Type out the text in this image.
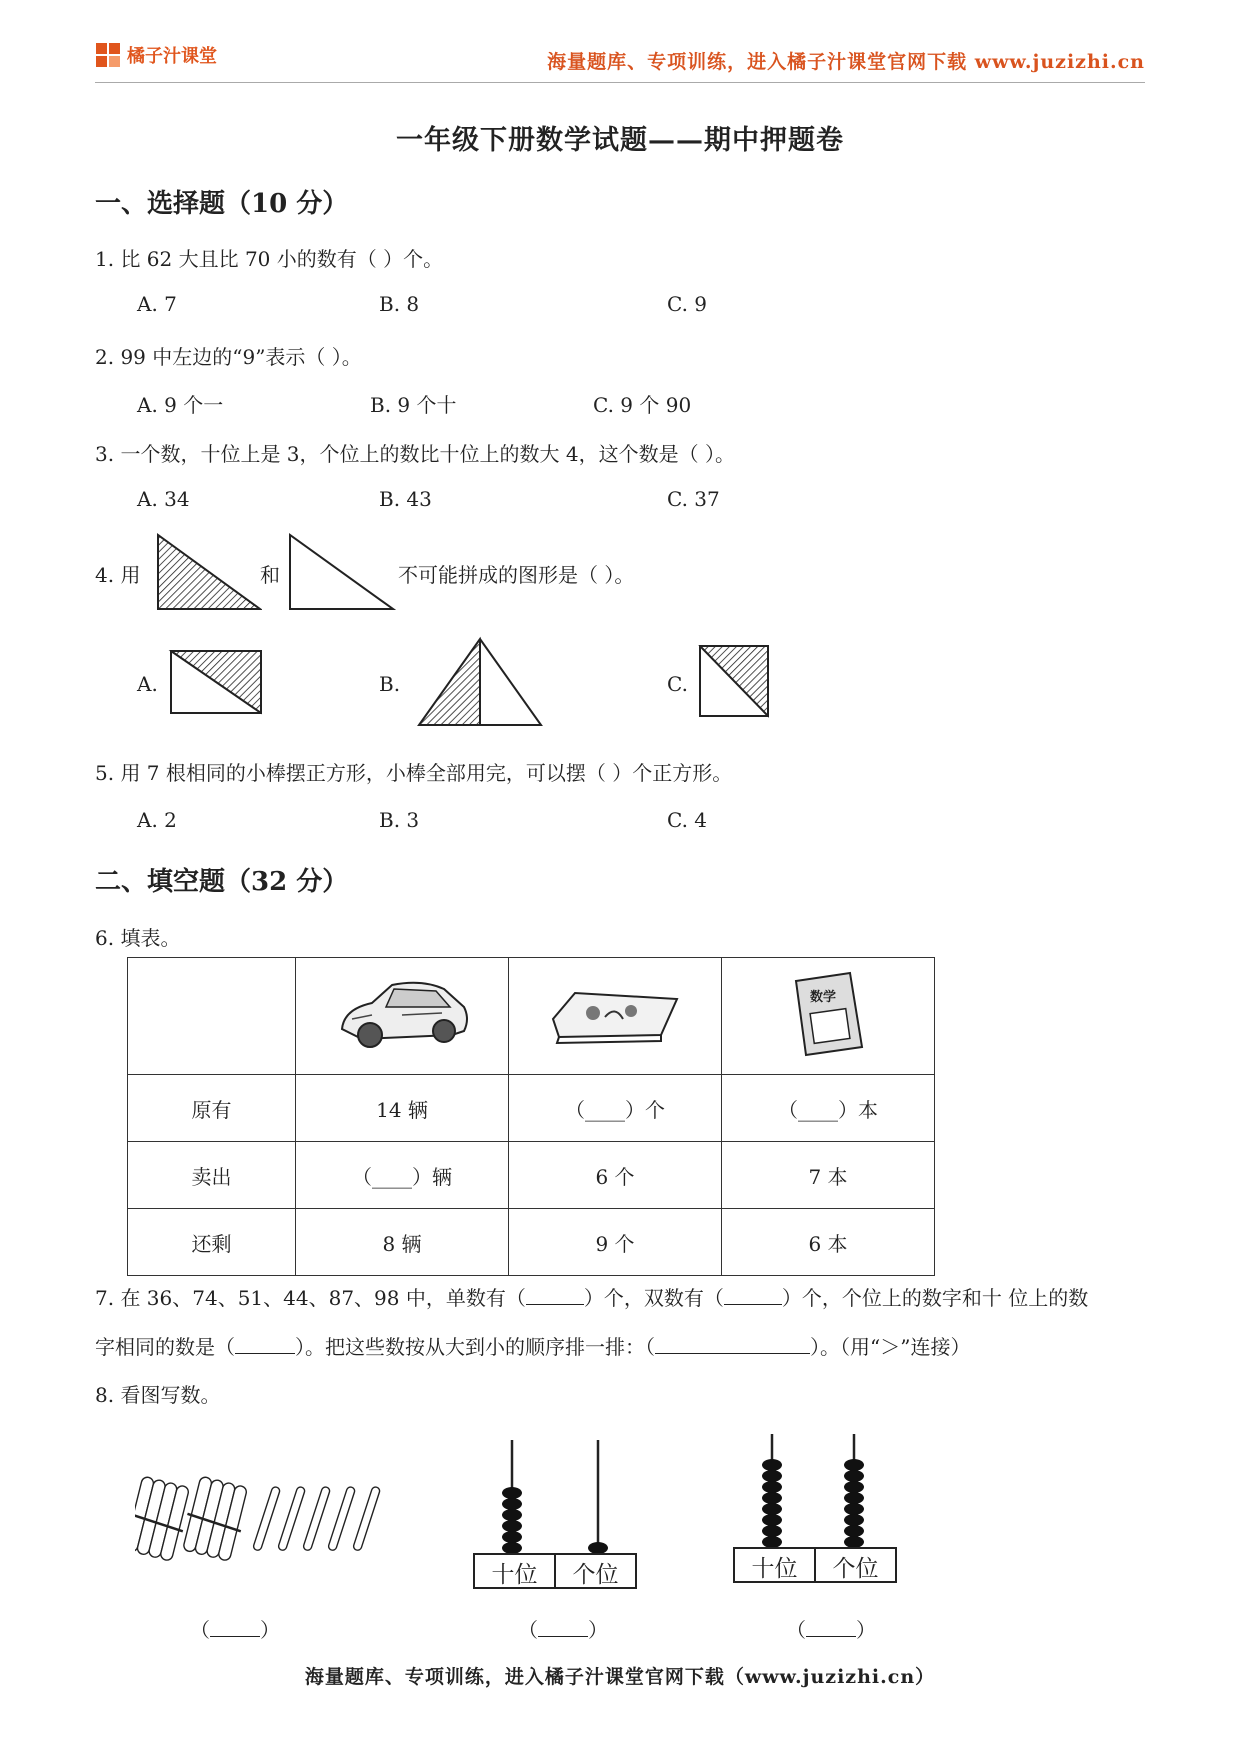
橘子汁课堂	海量题库、专项训练，进入橘子汁课堂官网下载 www.juzizhi.cn
一年级下册数学试题——期中押题卷
一、选择题（10 分）
1. 比 62 大且比 70 小的数有（ ）个。
A. 7	B. 8	C. 9
2. 99 中左边的“9”表示（ ）。
A. 9 个一	B. 9 个十	C. 9 个 90
3. 一个数，十位上是 3，个位上的数比十位上的数大 4，这个数是（ ）。
A. 34	B. 43	C. 37
4. 用	和	不可能拼成的图形是（ ）。
A.	B.	C.
5. 用 7 根相同的小棒摆正方形，小棒全部用完，可以摆（ ）个正方形。
A. 2	B. 3	C. 4
二、填空题（32 分）
6. 填表。

数学

原有	14 辆	（____）个	（____）本
卖出	（____）辆	6 个	7 本
还剩	8 辆	9 个	6 本
7. 在 36、74、51、44、87、98 中，单数有（	）个，双数有（	）个，个位上的数字和十 位上的数
字相同的数是（	）。把这些数按从大到小的顺序排一排：（	）。（用“＞”连接）
8. 看图写数。
十位	个位	十位	个位
（	）	（	）	（	）
海量题库、专项训练，进入橘子汁课堂官网下载（www.juzizhi.cn）
